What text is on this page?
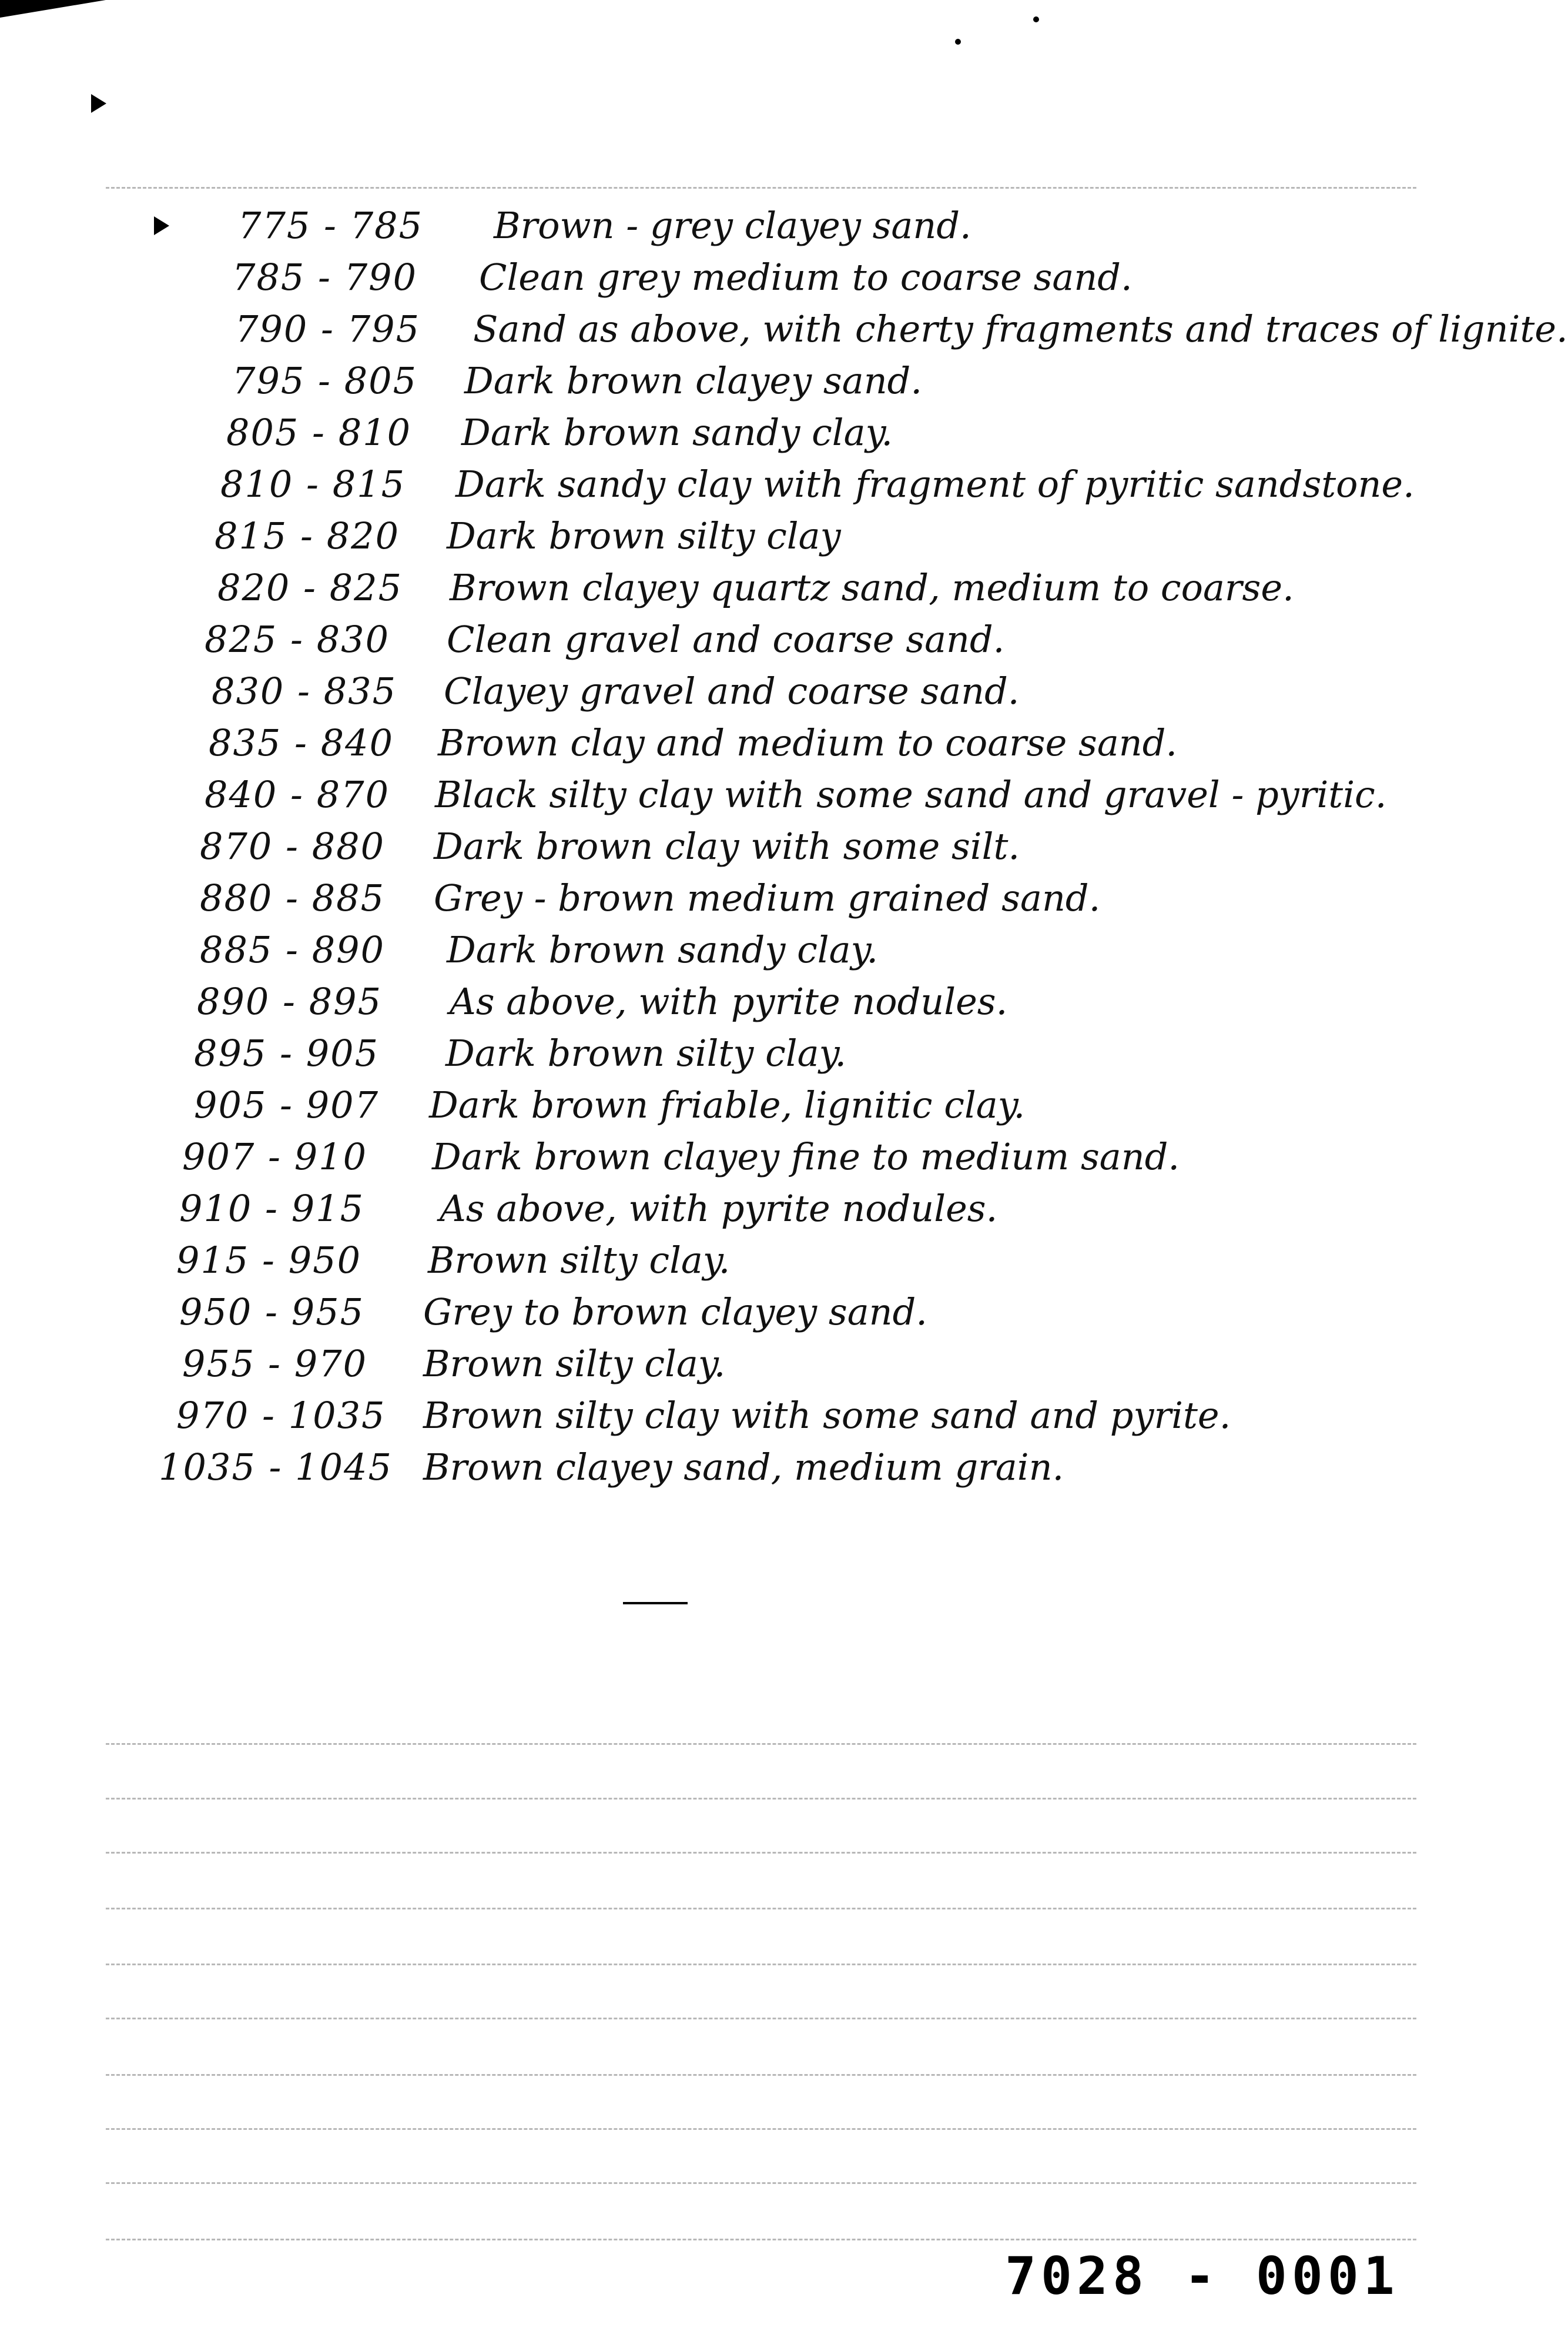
775 - 785 Brown - grey clayey sand.
785 - 790 Clean grey medium to coarse sand.
790 - 795 Sand as above, with cherty fragments and traces of lignite.
795 - 805 Dark brown clayey sand.
805 - 810 Dark brown sandy clay.
810 - 815 Dark sandy clay with fragment of pyritic sandstone.
815 - 820 Dark brown silty clay
820 - 825 Brown clayey quartz sand, medium to coarse.
825 - 830 Clean gravel and coarse sand.
830 - 835 Clayey gravel and coarse sand.
835 - 840 Brown clay and medium to coarse sand.
840 - 870 Black silty clay with some sand and gravel - pyritic.
870 - 880 Dark brown clay with some silt.
880 - 885 Grey - brown medium grained sand.
885 - 890 Dark brown sandy clay.
890 - 895 As above, with pyrite nodules.
895 - 905 Dark brown silty clay.
905 - 907 Dark brown friable, lignitic clay.
907 - 910 Dark brown clayey fine to medium sand.
910 - 915 As above, with pyrite nodules.
915 - 950 Brown silty clay.
950 - 955 Grey to brown clayey sand.
955 - 970 Brown silty clay.
970 - 1035 Brown silty clay with some sand and pyrite.
1035 - 1045 Brown clayey sand, medium grain.
7028 - 0001
